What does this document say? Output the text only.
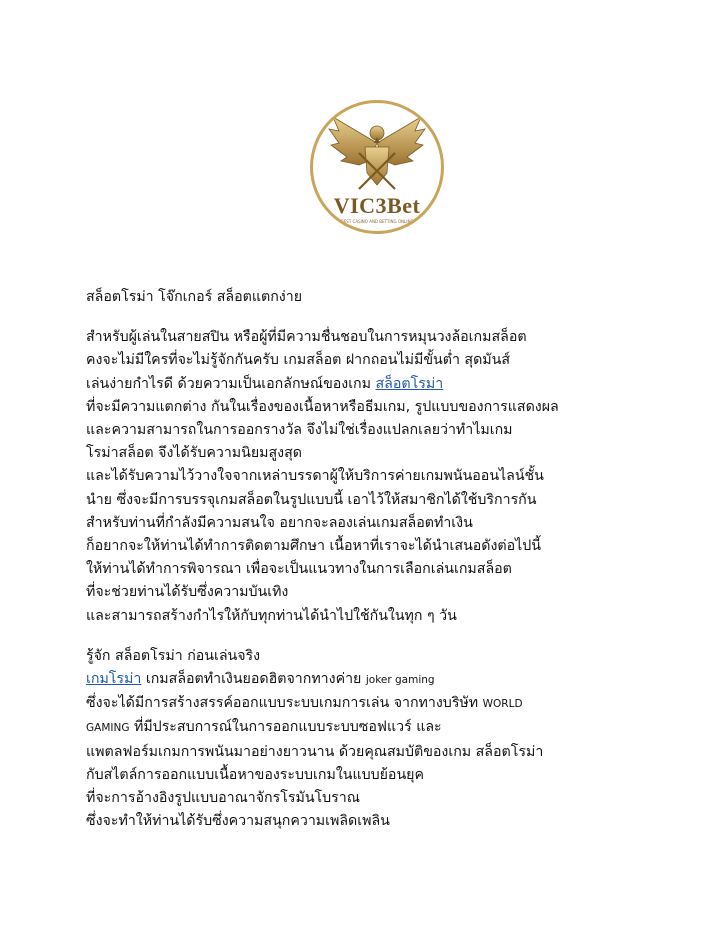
VIC3Bet
BEST CASINO AND BETTING ONLINE
สล็อตโรม่า โจ๊กเกอร์ สล็อตแตกง่าย
สำหรับผู้เล่นในสายสปิน หรือผู้ที่มีความชื่นชอบในการหมุนวงล้อเกมสล็อต
คงจะไม่มีใครที่จะไม่รู้จักกันครับ เกมสล็อต ฝากถอนไม่มีขั้นต่ำ สุดมันส์
เล่นง่ายกำไรดี ด้วยความเป็นเอกลักษณ์ของเกม สล็อตโรม่า
ที่จะมีความแตกต่าง กันในเรื่องของเนื้อหาหรือธีมเกม, รูปแบบของการแสดงผล
และความสามารถในการออกรางวัล จึงไม่ใช่เรื่องแปลกเลยว่าทำไมเกม
โรม่าสล็อต จึงได้รับความนิยมสูงสุด
และได้รับความไว้วางใจจากเหล่าบรรดาผู้ให้บริการค่ายเกมพนันออนไลน์ชั้น
นำย ซึ่งจะมีการบรรจุเกมสล็อตในรูปแบบนี้ เอาไว้ให้สมาชิกได้ใช้บริการกัน
สำหรับท่านที่กำลังมีความสนใจ อยากจะลองเล่นเกมสล็อตทำเงิน
ก็อยากจะให้ท่านได้ทำการติดตามศึกษา เนื้อหาที่เราจะได้นำเสนอดังต่อไปนี้
ให้ท่านได้ทำการพิจารณา เพื่อจะเป็นแนวทางในการเลือกเล่นเกมสล็อต
ที่จะช่วยท่านได้รับซึ่งความบันเทิง
และสามารถสร้างกำไรให้กับทุกท่านได้นำไปใช้กันในทุก ๆ วัน
รู้จัก สล็อตโรม่า ก่อนเล่นจริง
เกมโรม่า เกมสล็อตทำเงินยอดฮิตจากทางค่าย joker gaming
ซึ่งจะได้มีการสร้างสรรค์ออกแบบระบบเกมการเล่น จากทางบริษัท WORLD
GAMING ที่มีประสบการณ์ในการออกแบบระบบซอฟแวร์ และ
แพตลฟอร์มเกมการพนันมาอย่างยาวนาน ด้วยคุณสมบัติของเกม สล็อตโรม่า
กับสไตล์การออกแบบเนื้อหาของระบบเกมในแบบย้อนยุค
ที่จะการอ้างอิงรูปแบบอาณาจักรโรมันโบราณ
ซึ่งจะทำให้ท่านได้รับซึ่งความสนุกความเพลิดเพลิน
